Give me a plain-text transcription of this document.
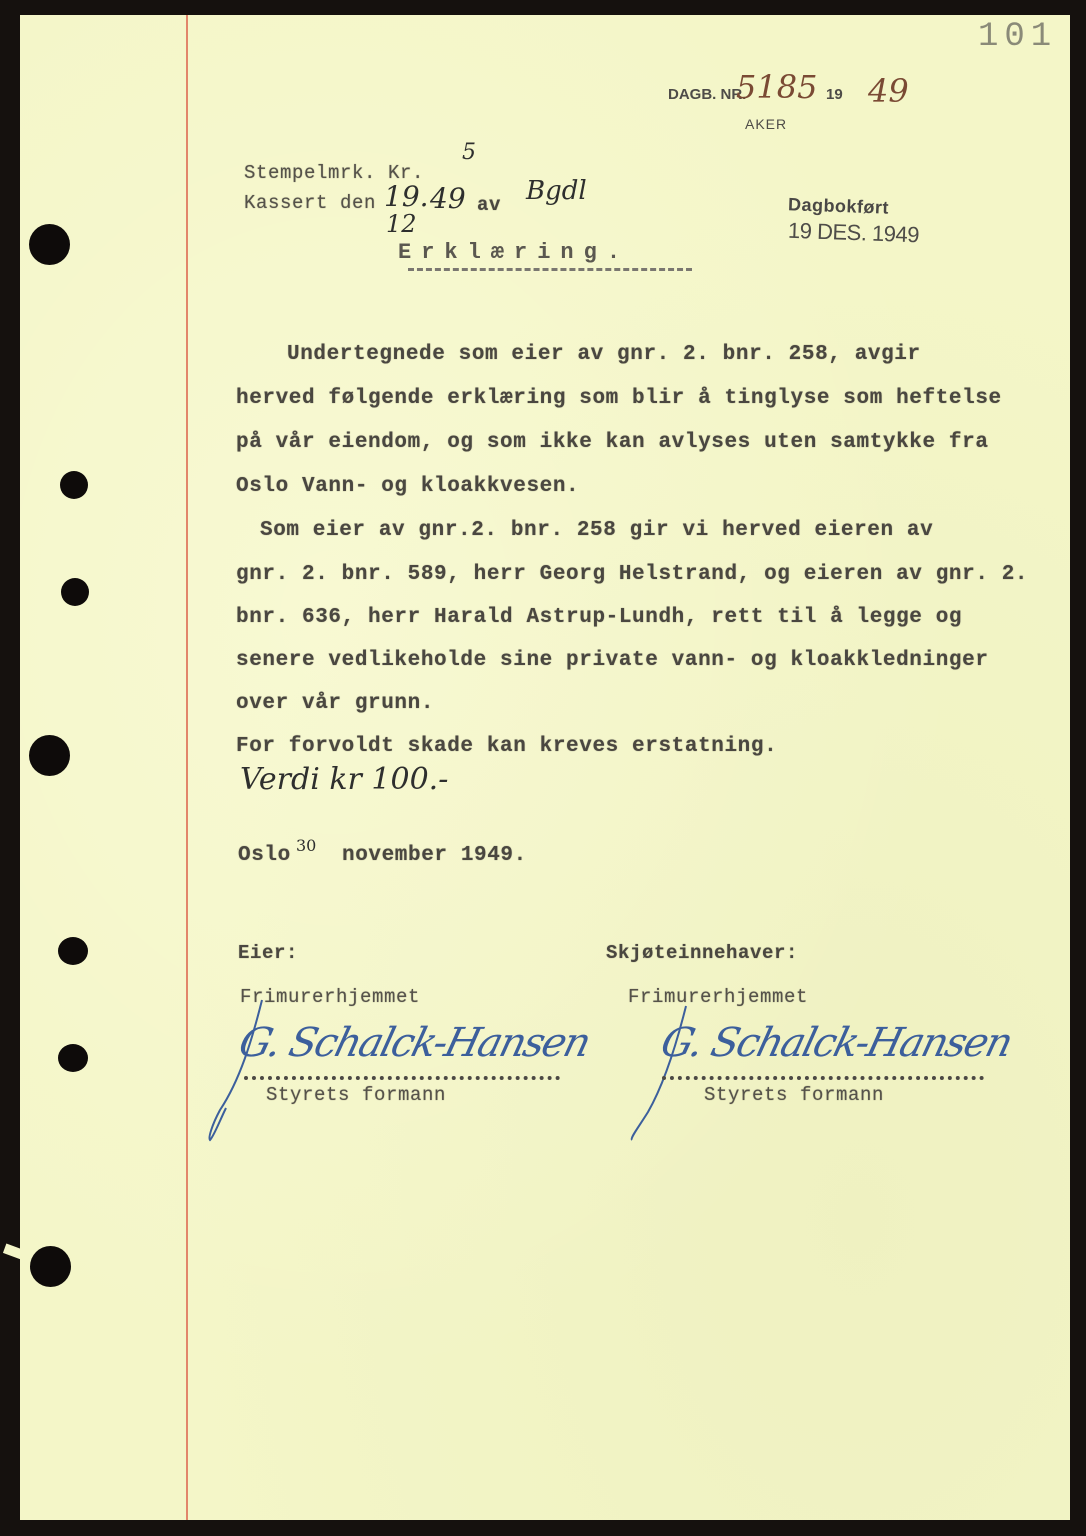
101
DAGB. NR.
5185 19 49
AKER
Stempelmrk. Kr.
5
Kassert den 19. 49
12
av Bgdl
Dagbokført
19 DES. 1949
Erklæring.
Undertegnede som eier av gnr. 2. bnr. 258, avgir
herved følgende erklæring som blir å tinglyse som heftelse
på vår eiendom, og som ikke kan avlyses uten samtykke fra
Oslo Vann- og kloakkvesen.
Som eier av gnr.2. bnr. 258 gir vi herved eieren av
gnr. 2. bnr. 589, herr Georg Helstrand, og eieren av gnr. 2.
bnr. 636, herr Harald Astrup-Lundh, rett til å legge og
senere vedlikeholde sine private vann- og kloakkledninger
over vår grunn.
For forvoldt skade kan kreves erstatning.
Verdi kr 100.-
Oslo 30 november 1949.
Eier:
Frimurerhjemmet
G. Schalck-Hansen
Styrets formann
Skjøteinnehaver:
Frimurerhjemmet
G. Schalck-Hansen
Styrets formann
